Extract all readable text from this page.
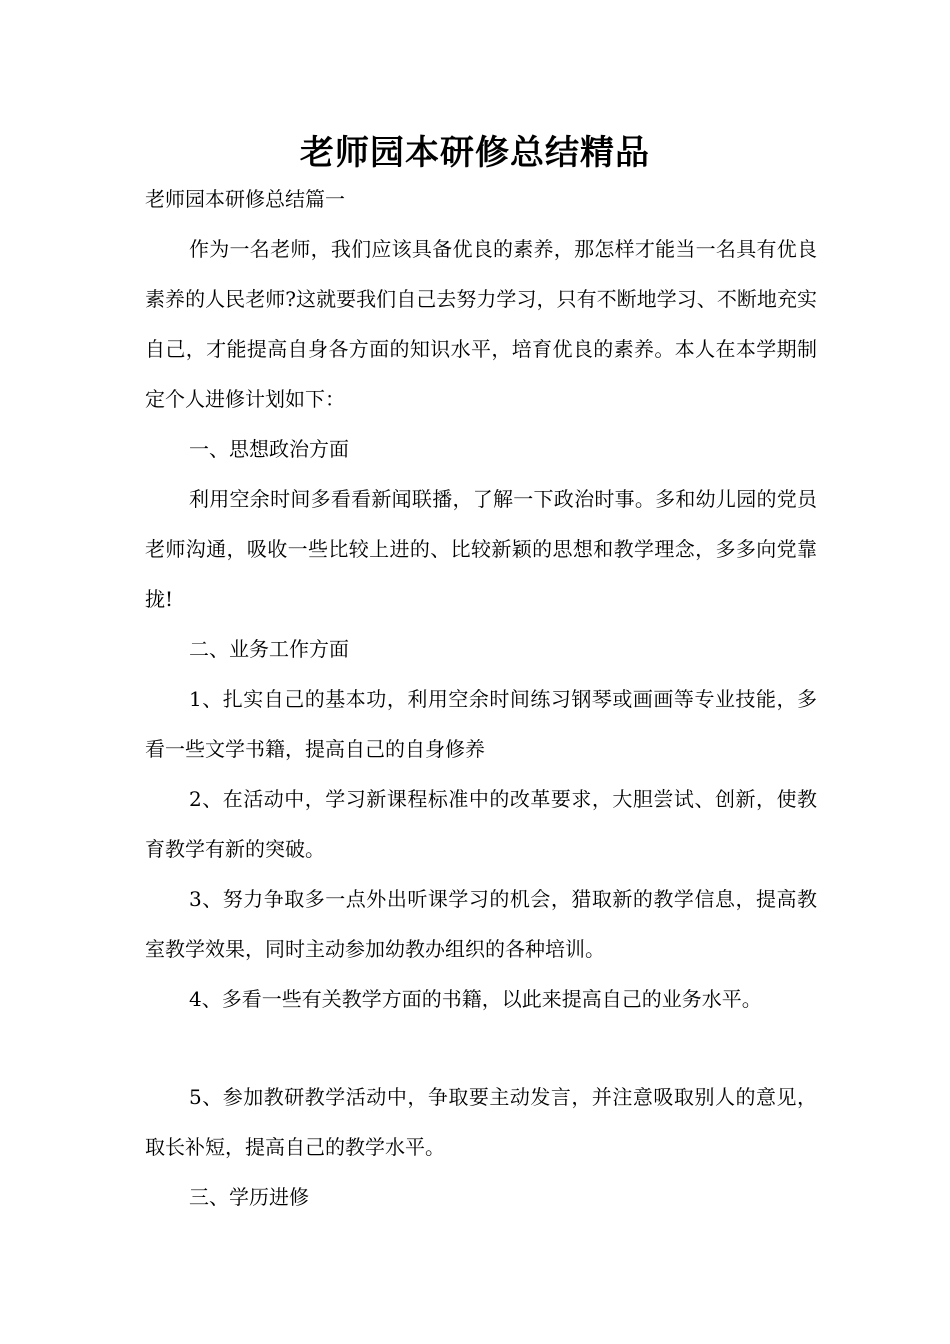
老师园本研修总结精品
老师园本研修总结篇一

作为一名老师，我们应该具备优良的素养，那怎样才能当一名具有优良素养的人民老师?这就要我们自己去努力学习，只有不断地学习、不断地充实自己，才能提高自身各方面的知识水平，培育优良的素养。本人在本学期制定个人进修计划如下：

一、思想政治方面

利用空余时间多看看新闻联播，了解一下政治时事。多和幼儿园的党员老师沟通，吸收一些比较上进的、比较新颖的思想和教学理念，多多向党靠拢!

二、业务工作方面

1、扎实自己的基本功，利用空余时间练习钢琴或画画等专业技能，多看一些文学书籍，提高自己的自身修养

2、在活动中，学习新课程标准中的改革要求，大胆尝试、创新，使教育教学有新的突破。

3、努力争取多一点外出听课学习的机会，猎取新的教学信息，提高教室教学效果，同时主动参加幼教办组织的各种培训。

4、多看一些有关教学方面的书籍，以此来提高自己的业务水平。

5、参加教研教学活动中，争取要主动发言，并注意吸取别人的意见，取长补短，提高自己的教学水平。

三、学历进修
